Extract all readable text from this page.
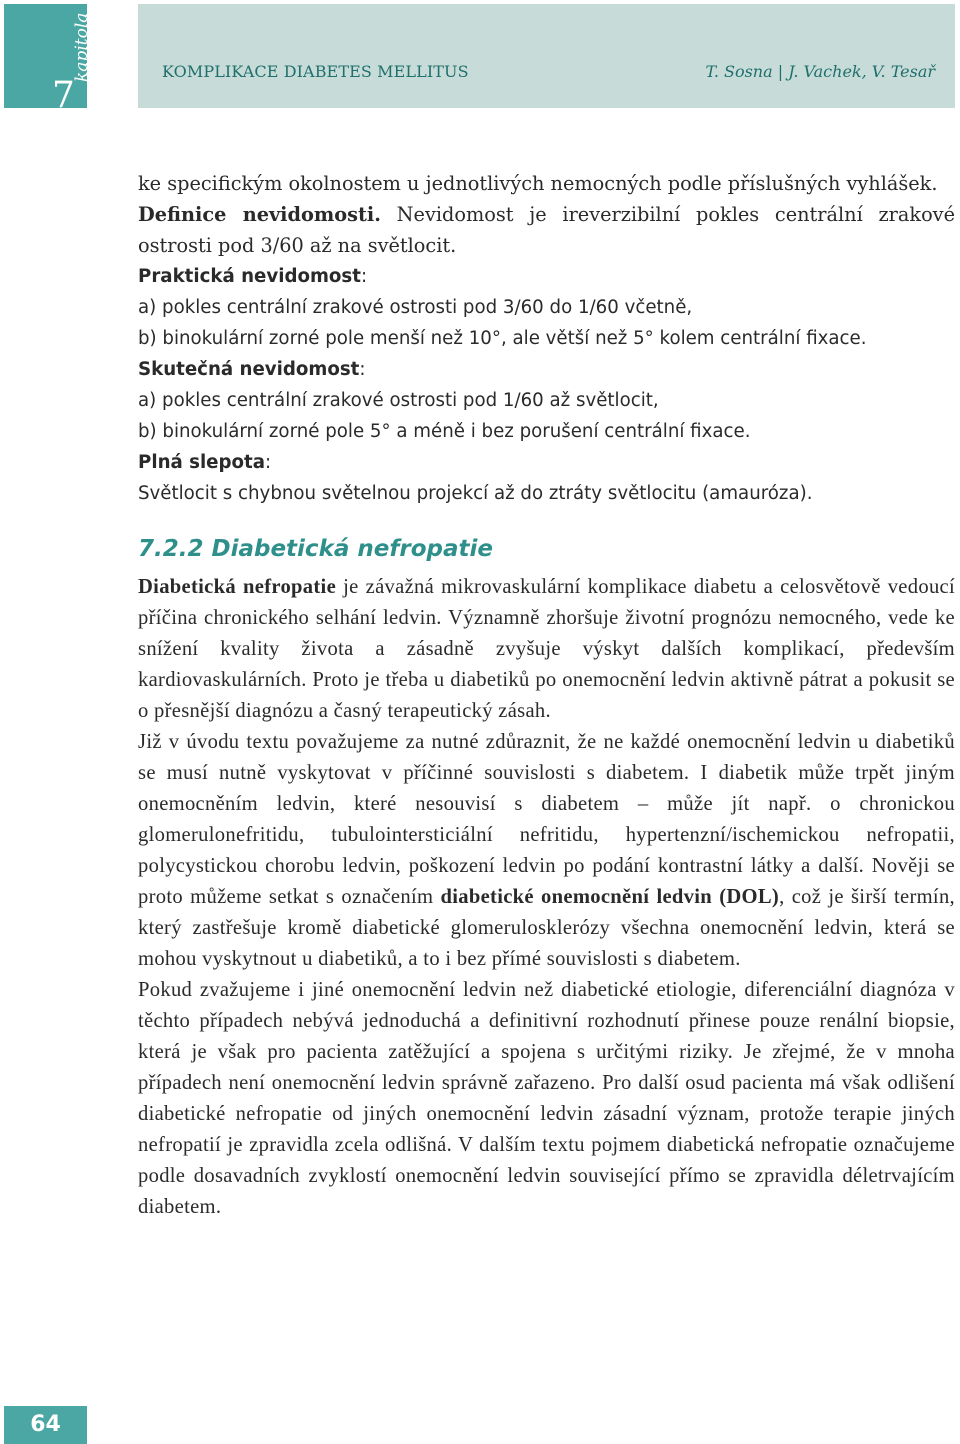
7
kapitola	KOMPLIKACE DIABETES MELLITUS	T. Sosna | J. Vachek, V. Tesař

ke specifickým okolnostem u jednotlivých nemocných podle příslušných vyhlášek.

Definice nevidomosti. Nevidomost je ireverzibilní pokles centrální zrakové ostrosti pod 3/60 až na světlocit.

Praktická nevidomost:

a) pokles centrální zrakové ostrosti pod 3/60 do 1/60 včetně,

b) binokulární zorné pole menší než 10°, ale větší než 5° kolem centrální fixace.

Skutečná nevidomost:

a) pokles centrální zrakové ostrosti pod 1/60 až světlocit,

b) binokulární zorné pole 5° a méně i bez porušení centrální fixace.

Plná slepota:

Světlocit s chybnou světelnou projekcí až do ztráty světlocitu (amauróza).

7.2.2 Diabetická nefropatie

Diabetická nefropatie je závažná mikrovaskulární komplikace diabetu a celosvětově vedoucí příčina chronického selhání ledvin. Významně zhoršuje životní prognózu nemocného, vede ke snížení kvality života a zásadně zvyšuje výskyt dalších komplikací, především kardiovaskulárních. Proto je třeba u diabetiků po onemocnění ledvin aktivně pátrat a pokusit se o přesnější diagnózu a časný terapeutický zásah.

Již v úvodu textu považujeme za nutné zdůraznit, že ne každé onemocnění ledvin u diabetiků se musí nutně vyskytovat v příčinné souvislosti s diabetem. I diabetik může trpět jiným onemocněním ledvin, které nesouvisí s diabetem – může jít např. o chronickou glomerulonefritidu, tubulointersticiální nefritidu, hypertenzní/ischemickou nefropatii, polycystickou chorobu ledvin, poškození ledvin po podání kontrastní látky a další. Nověji se proto můžeme setkat s označením diabetické onemocnění ledvin (DOL), což je širší termín, který zastřešuje kromě diabetické glomerulosklerózy všechna onemocnění ledvin, která se mohou vyskytnout u diabetiků, a to i bez přímé souvislosti s diabetem.

Pokud zvažujeme i jiné onemocnění ledvin než diabetické etiologie, diferenciální diagnóza v těchto případech nebývá jednoduchá a definitivní rozhodnutí přinese pouze renální biopsie, která je však pro pacienta zatěžující a spojena s určitými riziky. Je zřejmé, že v mnoha případech není onemocnění ledvin správně zařazeno. Pro další osud pacienta má však odlišení diabetické nefropatie od jiných onemocnění ledvin zásadní význam, protože terapie jiných nefropatií je zpravidla zcela odlišná. V dalším textu pojmem diabetická nefropatie označujeme podle dosavadních zvyklostí onemocnění ledvin související přímo se zpravidla déletrvajícím diabetem.

64
